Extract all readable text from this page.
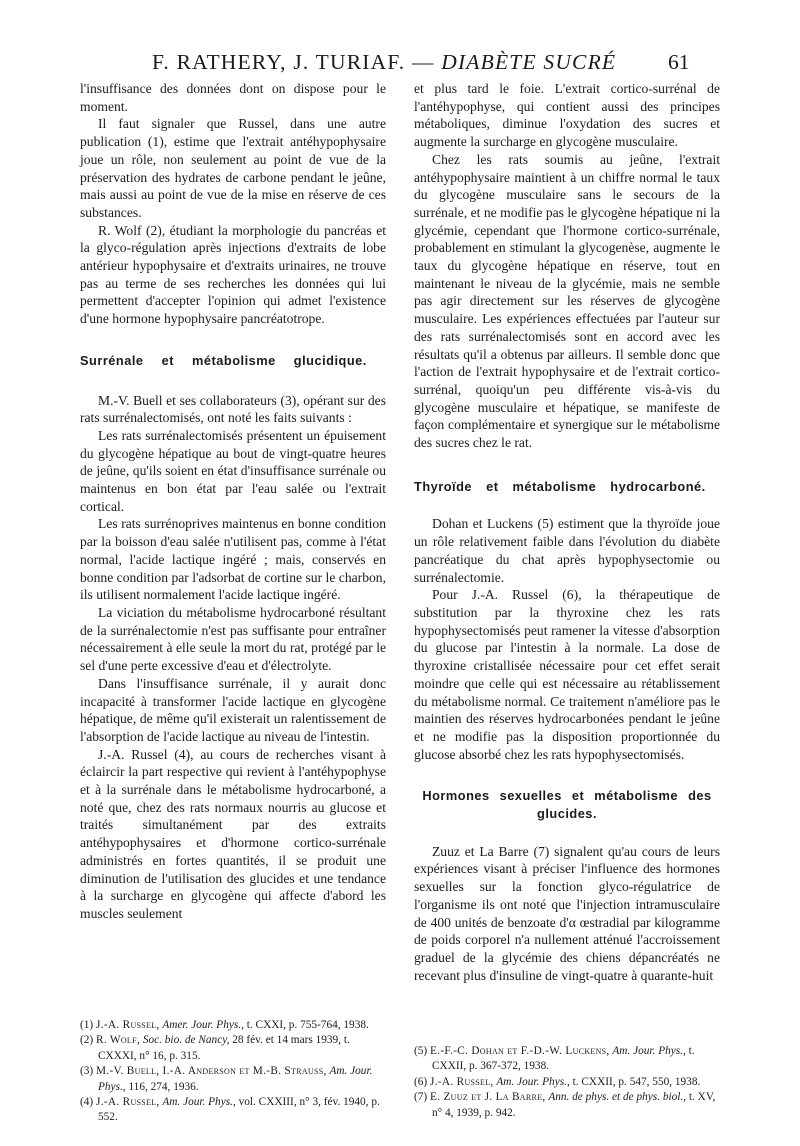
F. RATHERY, J. TURIAF. — DIABÈTE SUCRÉ 61

l'insuffisance des données dont on dispose pour le moment.

Il faut signaler que Russel, dans une autre publication (1), estime que l'extrait antéhypophysaire joue un rôle, non seulement au point de vue de la préservation des hydrates de carbone pendant le jeûne, mais aussi au point de vue de la mise en réserve de ces substances.

R. Wolf (2), étudiant la morphologie du pancréas et la glyco-régulation après injections d'extraits de lobe antérieur hypophysaire et d'extraits urinaires, ne trouve pas au terme de ses recherches les données qui lui permettent d'accepter l'opinion qui admet l'existence d'une hormone hypophysaire pancréatotrope.

Surrénale et métabolisme glucidique.

M.-V. Buell et ses collaborateurs (3), opérant sur des rats surrénalectomisés, ont noté les faits suivants :

Les rats surrénalectomisés présentent un épuisement du glycogène hépatique au bout de vingt-quatre heures de jeûne, qu'ils soient en état d'insuffisance surrénale ou maintenus en bon état par l'eau salée ou l'extrait cortical.

Les rats surrénoprives maintenus en bonne condition par la boisson d'eau salée n'utilisent pas, comme à l'état normal, l'acide lactique ingéré ; mais, conservés en bonne condition par l'adsorbat de cortine sur le charbon, ils utilisent normalement l'acide lactique ingéré.

La viciation du métabolisme hydrocarboné résultant de la surrénalectomie n'est pas suffisante pour entraîner nécessairement à elle seule la mort du rat, protégé par le sel d'une perte excessive d'eau et d'électrolyte.

Dans l'insuffisance surrénale, il y aurait donc incapacité à transformer l'acide lactique en glycogène hépatique, de même qu'il existerait un ralentissement de l'absorption de l'acide lactique au niveau de l'intestin.

J.-A. Russel (4), au cours de recherches visant à éclaircir la part respective qui revient à l'antéhypophyse et à la surrénale dans le métabolisme hydrocarboné, a noté que, chez des rats normaux nourris au glucose et traités simultanément par des extraits antéhypophysaires et d'hormone cortico-surrénale administrés en fortes quantités, il se produit une diminution de l'utilisation des glucides et une tendance à la surcharge en glycogène qui affecte d'abord les muscles seulement

et plus tard le foie. L'extrait cortico-surrénal de l'antéhypophyse, qui contient aussi des principes métaboliques, diminue l'oxydation des sucres et augmente la surcharge en glycogène musculaire.

Chez les rats soumis au jeûne, l'extrait antéhypophysaire maintient à un chiffre normal le taux du glycogène musculaire sans le secours de la surrénale, et ne modifie pas le glycogène hépatique ni la glycémie, cependant que l'hormone cortico-surrénale, probablement en stimulant la glycogenèse, augmente le taux du glycogène hépatique en réserve, tout en maintenant le niveau de la glycémie, mais ne semble pas agir directement sur les réserves de glycogène musculaire. Les expériences effectuées par l'auteur sur des rats surrénalectomisés sont en accord avec les résultats qu'il a obtenus par ailleurs. Il semble donc que l'action de l'extrait hypophysaire et de l'extrait cortico-surrénal, quoiqu'un peu différente vis-à-vis du glycogène musculaire et hépatique, se manifeste de façon complémentaire et synergique sur le métabolisme des sucres chez le rat.

Thyroïde et métabolisme hydrocarboné.

Dohan et Luckens (5) estiment que la thyroïde joue un rôle relativement faible dans l'évolution du diabète pancréatique du chat après hypophysectomie ou surrénalectomie.

Pour J.-A. Russel (6), la thérapeutique de substitution par la thyroxine chez les rats hypophysectomisés peut ramener la vitesse d'absorption du glucose par l'intestin à la normale. La dose de thyroxine cristallisée nécessaire pour cet effet serait moindre que celle qui est nécessaire au rétablissement du métabolisme normal. Ce traitement n'améliore pas le maintien des réserves hydrocarbonées pendant le jeûne et ne modifie pas la disposition proportionnée du glucose absorbé chez les rats hypophysectomisés.

Hormones sexuelles et métabolisme des glucides.

Zuuz et La Barre (7) signalent qu'au cours de leurs expériences visant à préciser l'influence des hormones sexuelles sur la fonction glyco-régulatrice de l'organisme ils ont noté que l'injection intramusculaire de 400 unités de benzoate d'α œstradial par kilogramme de poids corporel n'a nullement atténué l'accroissement graduel de la glycémie des chiens dépancréatés ne recevant plus d'insuline de vingt-quatre à quarante-huit

(1) J.-A. Russel, Amer. Jour. Phys., t. CXXI, p. 755-764, 1938.

(2) R. Wolf, Soc. bio. de Nancy, 28 fév. et 14 mars 1939, t. CXXXI, n° 16, p. 315.

(3) M.-V. Buell, I.-A. Anderson et M.-B. Strauss, Am. Jour. Phys., 116, 274, 1936.

(4) J.-A. Russel, Am. Jour. Phys., vol. CXXIII, n° 3, fév. 1940, p. 552.

(5) E.-F.-C. Dohan et F.-D.-W. Luckens, Am. Jour. Phys., t. CXXII, p. 367-372, 1938.

(6) J.-A. Russel, Am. Jour. Phys., t. CXXII, p. 547, 550, 1938.

(7) E. Zuuz et J. La Barre, Ann. de phys. et de phys. biol., t. XV, n° 4, 1939, p. 942.
